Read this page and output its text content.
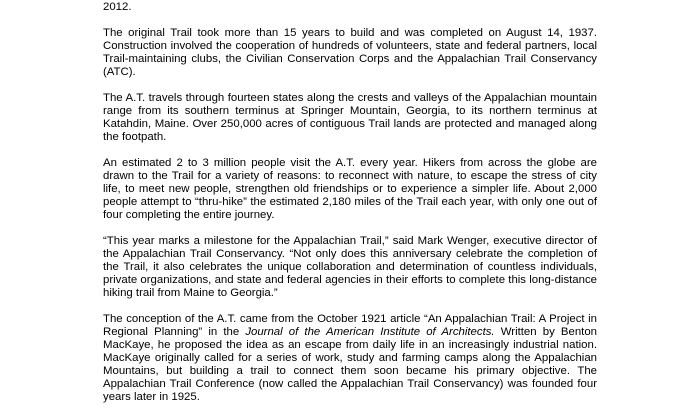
2012.

The original Trail took more than 15 years to build and was completed on August 14, 1937. Construction involved the cooperation of hundreds of volunteers, state and federal partners, local Trail-maintaining clubs, the Civilian Conservation Corps and the Appalachian Trail Conservancy (ATC).

The A.T. travels through fourteen states along the crests and valleys of the Appalachian mountain range from its southern terminus at Springer Mountain, Georgia, to its northern terminus at Katahdin, Maine. Over 250,000 acres of contiguous Trail lands are protected and managed along the footpath.

An estimated 2 to 3 million people visit the A.T. every year. Hikers from across the globe are drawn to the Trail for a variety of reasons: to reconnect with nature, to escape the stress of city life, to meet new people, strengthen old friendships or to experience a simpler life. About 2,000 people attempt to “thru-hike” the estimated 2,180 miles of the Trail each year, with only one out of four completing the entire journey.

“This year marks a milestone for the Appalachian Trail,” said Mark Wenger, executive director of the Appalachian Trail Conservancy. “Not only does this anniversary celebrate the completion of the Trail, it also celebrates the unique collaboration and determination of countless individuals, private organizations, and state and federal agencies in their efforts to complete this long-distance hiking trail from Maine to Georgia.”

The conception of the A.T. came from the October 1921 article “An Appalachian Trail: A Project in Regional Planning” in the Journal of the American Institute of Architects. Written by Benton MacKaye, he proposed the idea as an escape from daily life in an increasingly industrial nation. MacKaye originally called for a series of work, study and farming camps along the Appalachian Mountains, but building a trail to connect them soon became his primary objective. The Appalachian Trail Conference (now called the Appalachian Trail Conservancy) was founded four years later in 1925.
